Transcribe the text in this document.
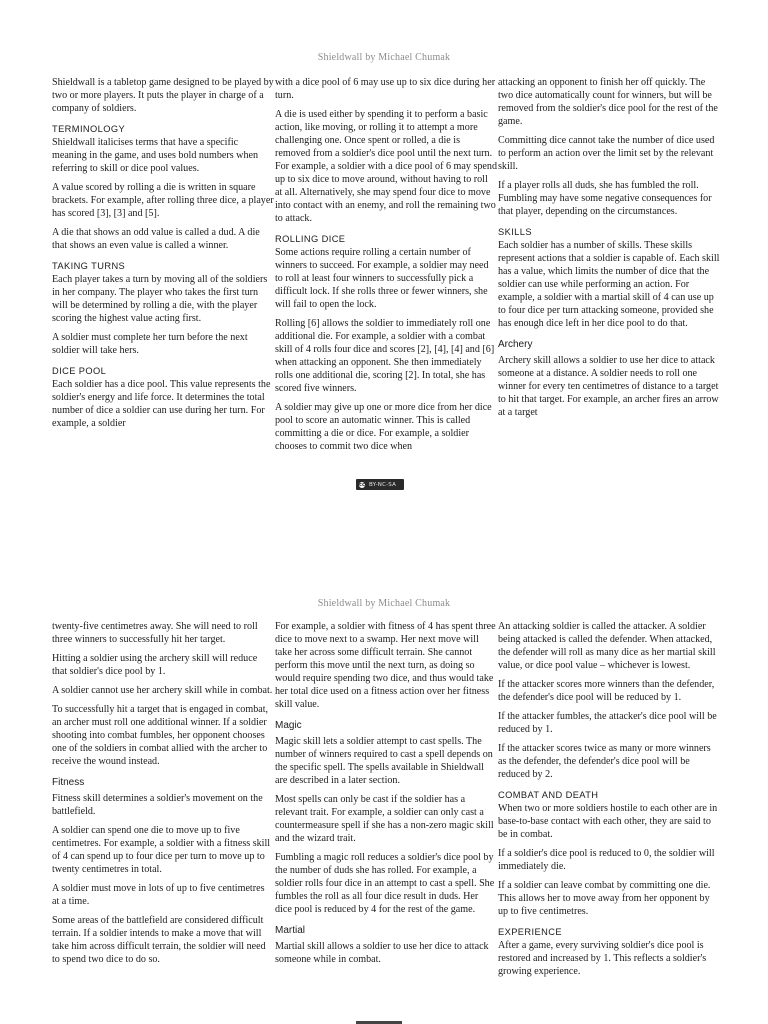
Shieldwall by Michael Chumak

Shieldwall is a tabletop game designed to be played by two or more players. It puts the player in charge of a company of soldiers.

TERMINOLOGY

Shieldwall italicises terms that have a specific meaning in the game, and uses bold numbers when referring to skill or dice pool values.

A value scored by rolling a die is written in square brackets. For example, after rolling three dice, a player has scored [3], [3] and [5].

A die that shows an odd value is called a dud. A die that shows an even value is called a winner.

TAKING TURNS

Each player takes a turn by moving all of the soldiers in her company. The player who takes the first turn will be determined by rolling a die, with the player scoring the highest value acting first.

A soldier must complete her turn before the next soldier will take hers.

DICE POOL

Each soldier has a dice pool. This value represents the soldier's energy and life force. It determines the total number of dice a soldier can use during her turn. For example, a soldier

with a dice pool of 6 may use up to six dice during her turn.

A die is used either by spending it to perform a basic action, like moving, or rolling it to attempt a more challenging one. Once spent or rolled, a die is removed from a soldier's dice pool until the next turn. For example, a soldier with a dice pool of 6 may spend up to six dice to move around, without having to roll at all. Alternatively, she may spend four dice to move into contact with an enemy, and roll the remaining two to attack.

ROLLING DICE

Some actions require rolling a certain number of winners to succeed. For example, a soldier may need to roll at least four winners to successfully pick a difficult lock. If she rolls three or fewer winners, she will fail to open the lock.

Rolling [6] allows the soldier to immediately roll one additional die. For example, a soldier with a combat skill of 4 rolls four dice and scores [2], [4], [4] and [6] when attacking an opponent. She then immediately rolls one additional die, scoring [2]. In total, she has scored five winners.

A soldier may give up one or more dice from her dice pool to score an automatic winner. This is called committing a die or dice. For example, a soldier chooses to commit two dice when

attacking an opponent to finish her off quickly. The two dice automatically count for winners, but will be removed from the soldier's dice pool for the rest of the game.

Committing dice cannot take the number of dice used to perform an action over the limit set by the relevant skill.

If a player rolls all duds, she has fumbled the roll. Fumbling may have some negative consequences for that player, depending on the circumstances.

SKILLS

Each soldier has a number of skills. These skills represent actions that a soldier is capable of. Each skill has a value, which limits the number of dice that the soldier can use while performing an action. For example, a soldier with a martial skill of 4 can use up to four dice per turn attacking someone, provided she has enough dice left in her dice pool to do that.

Archery

Archery skill allows a soldier to use her dice to attack someone at a distance. A soldier needs to roll one winner for every ten centimetres of distance to a target to hit that target. For example, an archer fires an arrow at a target

cc BY-NC-SA
Shieldwall by Michael Chumak

twenty-five centimetres away. She will need to roll three winners to successfully hit her target.

Hitting a soldier using the archery skill will reduce that soldier's dice pool by 1.

A soldier cannot use her archery skill while in combat.

To successfully hit a target that is engaged in combat, an archer must roll one additional winner. If a soldier shooting into combat fumbles, her opponent chooses one of the soldiers in combat allied with the archer to receive the wound instead.

Fitness

Fitness skill determines a soldier's movement on the battlefield.

A soldier can spend one die to move up to five centimetres. For example, a soldier with a fitness skill of 4 can spend up to four dice per turn to move up to twenty centimetres in total.

A soldier must move in lots of up to five centimetres at a time.

Some areas of the battlefield are considered difficult terrain. If a soldier intends to make a move that will take him across difficult terrain, the soldier will need to spend two dice to do so.

For example, a soldier with fitness of 4 has spent three dice to move next to a swamp. Her next move will take her across some difficult terrain. She cannot perform this move until the next turn, as doing so would require spending two dice, and thus would take her total dice used on a fitness action over her fitness skill value.

Magic

Magic skill lets a soldier attempt to cast spells. The number of winners required to cast a spell depends on the specific spell. The spells available in Shieldwall are described in a later section.

Most spells can only be cast if the soldier has a relevant trait. For example, a soldier can only cast a countermeasure spell if she has a non-zero magic skill and the wizard trait.

Fumbling a magic roll reduces a soldier's dice pool by the number of duds she has rolled. For example, a soldier rolls four dice in an attempt to cast a spell. She fumbles the roll as all four dice result in duds. Her dice pool is reduced by 4 for the rest of the game.

Martial

Martial skill allows a soldier to use her dice to attack someone while in combat.

An attacking soldier is called the attacker. A soldier being attacked is called the defender. When attacked, the defender will roll as many dice as her martial skill value, or dice pool value – whichever is lowest.

If the attacker scores more winners than the defender, the defender's dice pool will be reduced by 1.

If the attacker fumbles, the attacker's dice pool will be reduced by 1.

If the attacker scores twice as many or more winners as the defender, the defender's dice pool will be reduced by 2.

COMBAT AND DEATH

When two or more soldiers hostile to each other are in base-to-base contact with each other, they are said to be in combat.

If a soldier's dice pool is reduced to 0, the soldier will immediately die.

If a soldier can leave combat by committing one die. This allows her to move away from her opponent by up to five centimetres.

EXPERIENCE

After a game, every surviving soldier's dice pool is restored and increased by 1. This reflects a soldier's growing experience.
